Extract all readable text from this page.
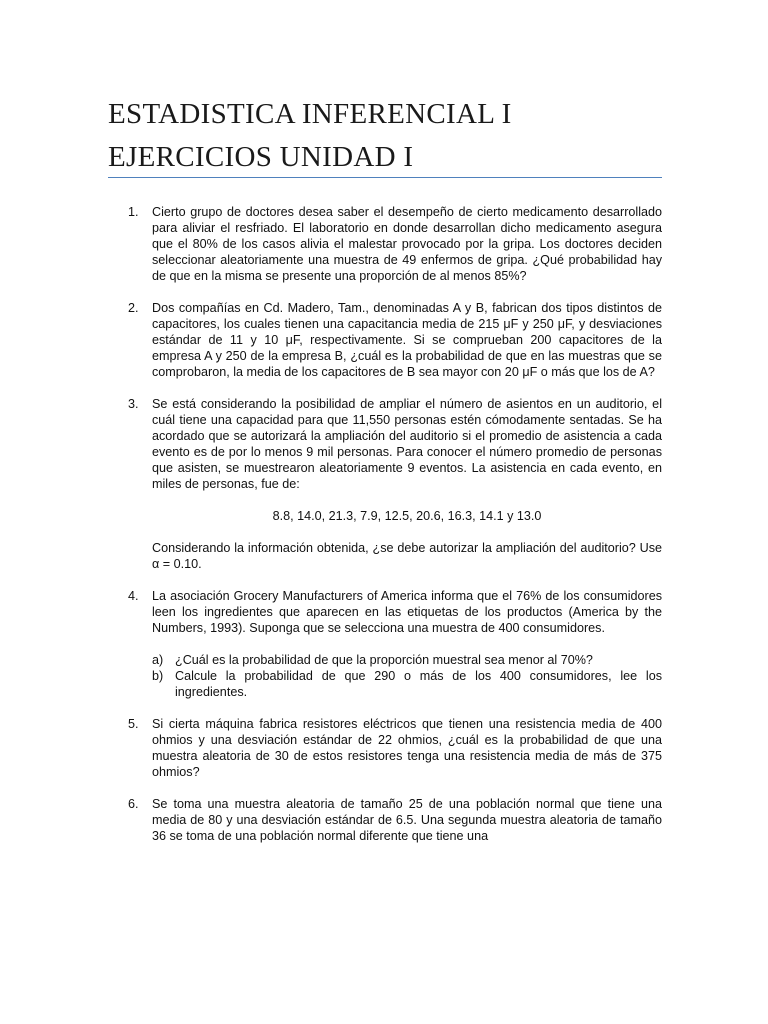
ESTADISTICA INFERENCIAL I
EJERCICIOS UNIDAD I
1.	Cierto grupo de doctores desea saber el desempeño de cierto medicamento desarrollado para aliviar el resfriado. El laboratorio en donde desarrollan dicho medicamento asegura que el 80% de los casos alivia el malestar provocado por la gripa. Los doctores deciden seleccionar aleatoriamente una muestra de 49 enfermos de gripa. ¿Qué probabilidad hay de que en la misma se presente una proporción de al menos 85%?
2.	Dos compañías en Cd. Madero, Tam., denominadas A y B, fabrican dos tipos distintos de capacitores, los cuales tienen una capacitancia media de 215 μF y 250 μF, y desviaciones estándar de 11 y 10 μF, respectivamente. Si se comprueban 200 capacitores de la empresa A y 250 de la empresa B, ¿cuál es la probabilidad de que en las muestras que se comprobaron, la media de los capacitores de B sea mayor con 20 μF o más que los de A?
3.	Se está considerando la posibilidad de ampliar el número de asientos en un auditorio, el cuál tiene una capacidad para que 11,550 personas estén cómodamente sentadas. Se ha acordado que se autorizará la ampliación del auditorio si el promedio de asistencia a cada evento es de por lo menos 9 mil personas. Para conocer el número promedio de personas que asisten, se muestrearon aleatoriamente 9 eventos. La asistencia en cada evento, en miles de personas, fue de:
8.8, 14.0, 21.3, 7.9, 12.5, 20.6, 16.3, 14.1 y 13.0
Considerando la información obtenida, ¿se debe autorizar la ampliación del auditorio? Use α = 0.10.
4.	La asociación Grocery Manufacturers of America informa que el 76% de los consumidores leen los ingredientes que aparecen en las etiquetas de los productos (America by the Numbers, 1993). Suponga que se selecciona una muestra de 400 consumidores.
a) ¿Cuál es la probabilidad de que la proporción muestral sea menor al 70%?
b) Calcule la probabilidad de que 290 o más de los 400 consumidores, lee los ingredientes.
5.	Si cierta máquina fabrica resistores eléctricos que tienen una resistencia media de 400 ohmios y una desviación estándar de 22 ohmios, ¿cuál es la probabilidad de que una muestra aleatoria de 30 de estos resistores tenga una resistencia media de más de 375 ohmios?
6.	Se toma una muestra aleatoria de tamaño 25 de una población normal que tiene una media de 80 y una desviación estándar de 6.5. Una segunda muestra aleatoria de tamaño 36 se toma de una población normal diferente que tiene una
